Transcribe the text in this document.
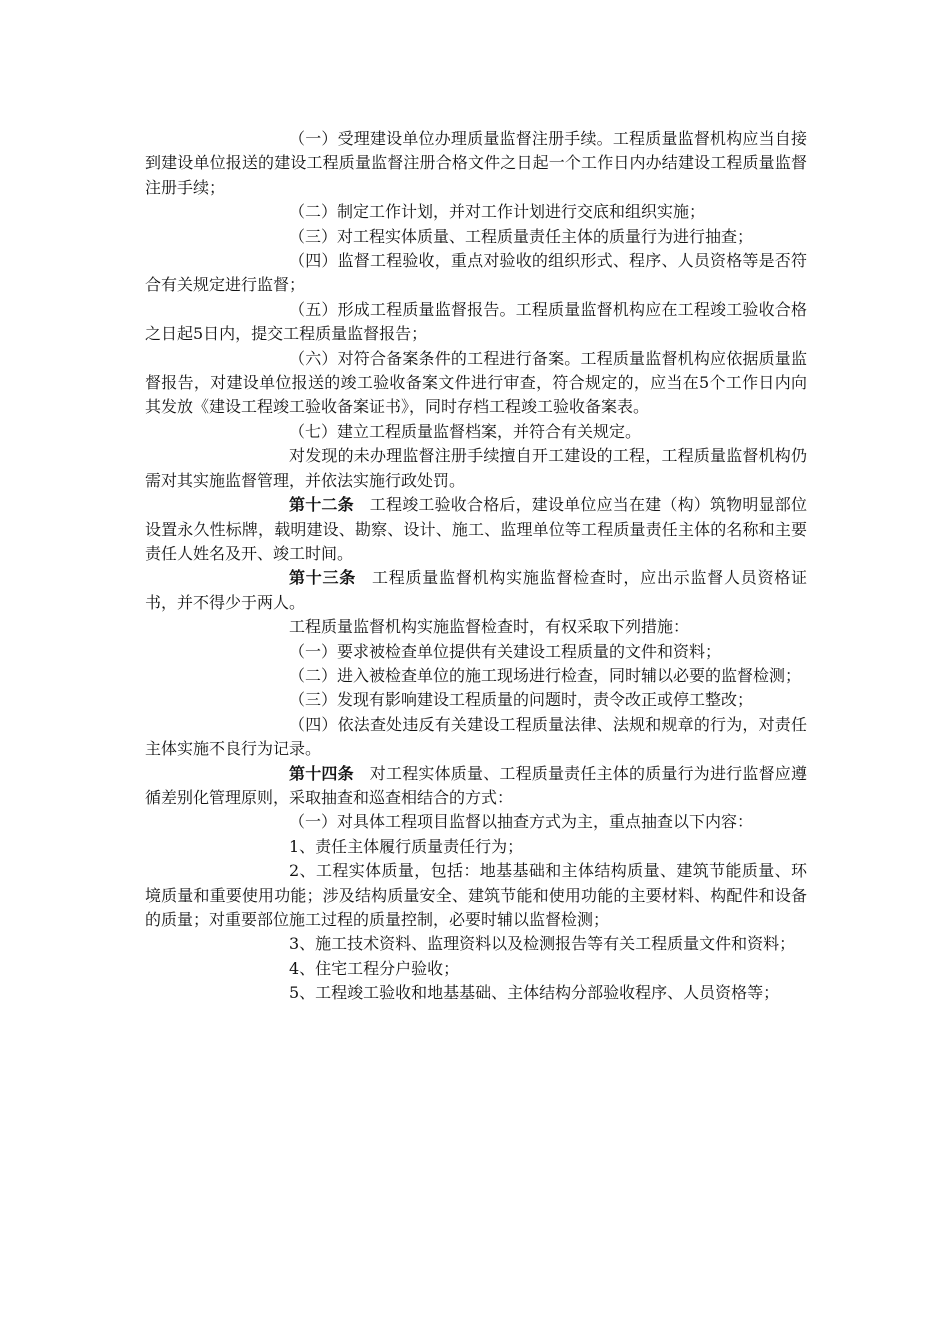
（一）受理建设单位办理质量监督注册手续。工程质量监督机构应当自接到建设单位报送的建设工程质量监督注册合格文件之日起一个工作日内办结建设工程质量监督注册手续；

（二）制定工作计划，并对工作计划进行交底和组织实施；

（三）对工程实体质量、工程质量责任主体的质量行为进行抽查；

（四）监督工程验收，重点对验收的组织形式、程序、人员资格等是否符合有关规定进行监督；

（五）形成工程质量监督报告。工程质量监督机构应在工程竣工验收合格之日起5日内，提交工程质量监督报告；

（六）对符合备案条件的工程进行备案。工程质量监督机构应依据质量监督报告，对建设单位报送的竣工验收备案文件进行审查，符合规定的，应当在5个工作日内向其发放《建设工程竣工验收备案证书》，同时存档工程竣工验收备案表。

（七）建立工程质量监督档案，并符合有关规定。

对发现的未办理监督注册手续擅自开工建设的工程，工程质量监督机构仍需对其实施监督管理，并依法实施行政处罚。

第十二条 工程竣工验收合格后，建设单位应当在建（构）筑物明显部位设置永久性标牌，载明建设、勘察、设计、施工、监理单位等工程质量责任主体的名称和主要责任人姓名及开、竣工时间。

第十三条 工程质量监督机构实施监督检查时，应出示监督人员资格证书，并不得少于两人。

工程质量监督机构实施监督检查时，有权采取下列措施：

（一）要求被检查单位提供有关建设工程质量的文件和资料；

（二）进入被检查单位的施工现场进行检查，同时辅以必要的监督检测；

（三）发现有影响建设工程质量的问题时，责令改正或停工整改；

（四）依法查处违反有关建设工程质量法律、法规和规章的行为，对责任主体实施不良行为记录。

第十四条 对工程实体质量、工程质量责任主体的质量行为进行监督应遵循差别化管理原则，采取抽查和巡查相结合的方式：

（一）对具体工程项目监督以抽查方式为主，重点抽查以下内容：

1、责任主体履行质量责任行为；

2、工程实体质量，包括：地基基础和主体结构质量、建筑节能质量、环境质量和重要使用功能；涉及结构质量安全、建筑节能和使用功能的主要材料、构配件和设备的质量；对重要部位施工过程的质量控制，必要时辅以监督检测；

3、施工技术资料、监理资料以及检测报告等有关工程质量文件和资料；

4、住宅工程分户验收；

5、工程竣工验收和地基基础、主体结构分部验收程序、人员资格等；
